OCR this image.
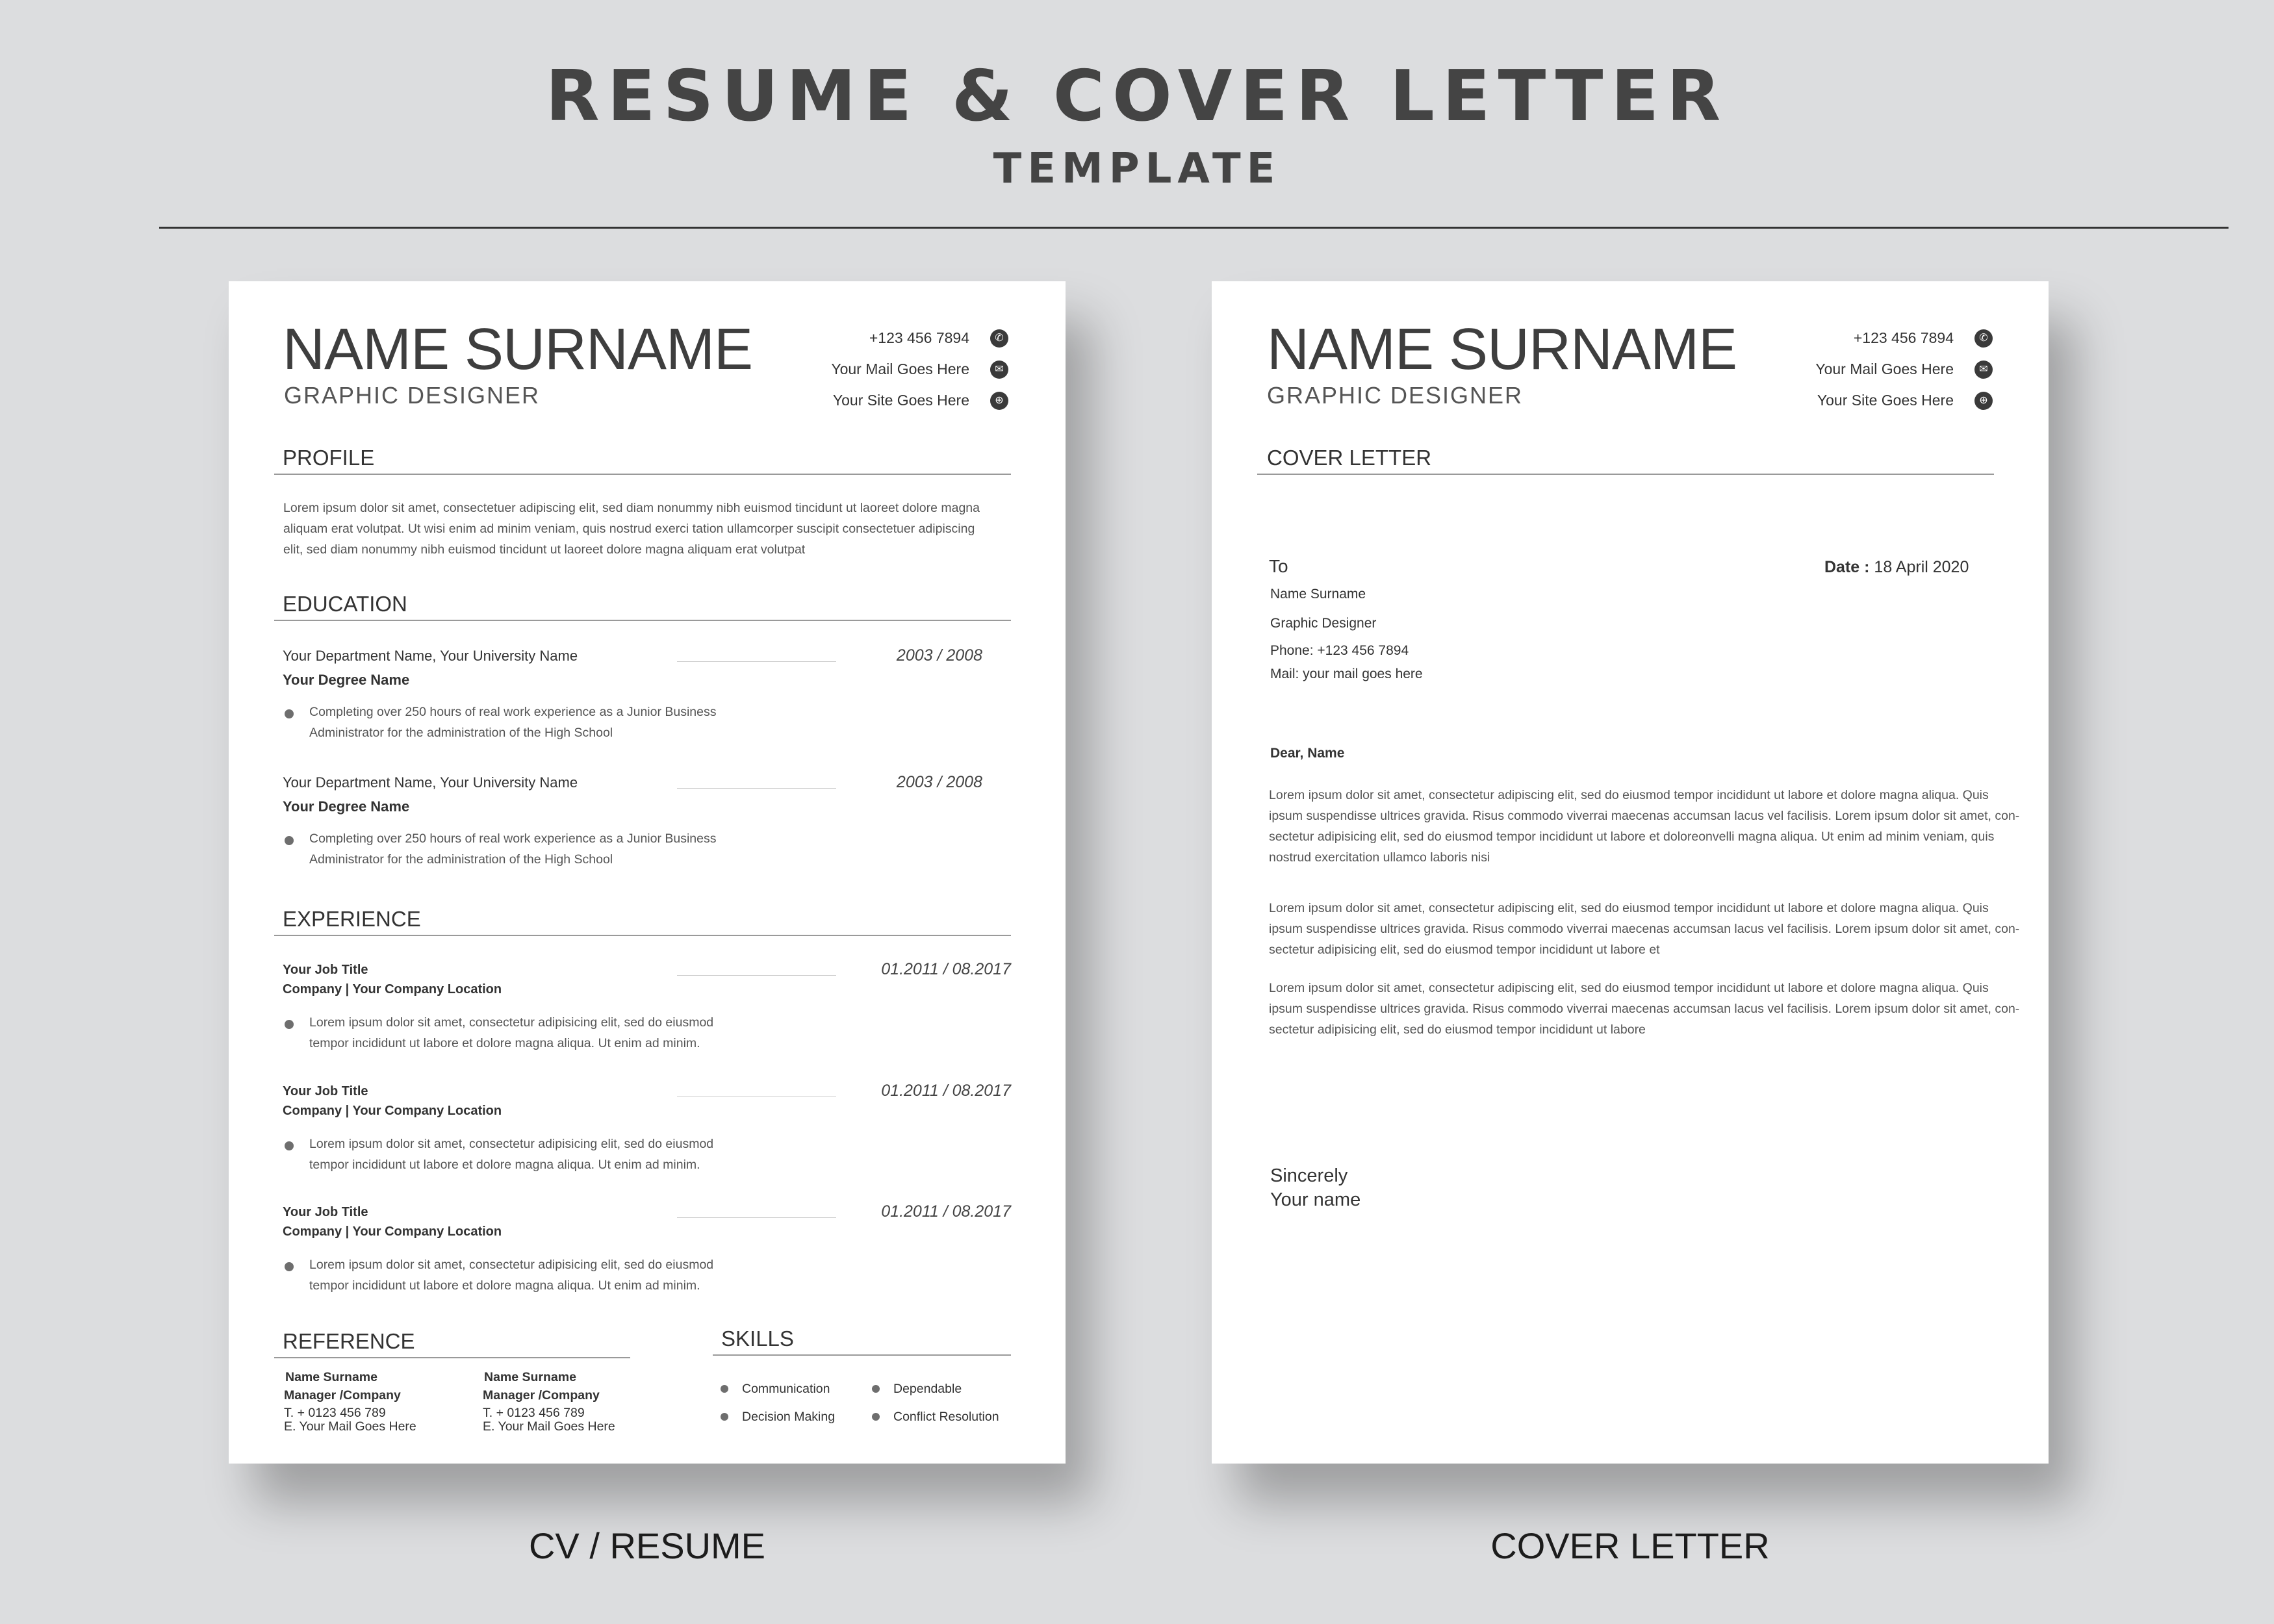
RESUME & COVER LETTER
TEMPLATE
NAME SURNAME
GRAPHIC DESIGNER
+123 456 7894	✆
Your Mail Goes Here	✉
Your Site Goes Here	⊕
PROFILE
Lorem ipsum dolor sit amet, consectetuer adipiscing elit, sed diam nonummy nibh euismod tincidunt ut laoreet dolore magna
aliquam erat volutpat. Ut wisi enim ad minim veniam, quis nostrud exerci tation ullamcorper suscipit consectetuer adipiscing
elit, sed diam nonummy nibh euismod tincidunt ut laoreet dolore magna aliquam erat volutpat
EDUCATION
Your Department Name, Your University Name	2003 / 2008
Your Degree Name
Completing over 250 hours of real work experience as a Junior Business
Administrator for the administration of the High School
Your Department Name, Your University Name	2003 / 2008
Your Degree Name
Completing over 250 hours of real work experience as a Junior Business
Administrator for the administration of the High School
EXPERIENCE
Your Job Title	01.2011 / 08.2017
Company | Your Company Location
Lorem ipsum dolor sit amet, consectetur adipisicing elit, sed do eiusmod
tempor incididunt ut labore et dolore magna aliqua. Ut enim ad minim.
Your Job Title	01.2011 / 08.2017
Company | Your Company Location
Lorem ipsum dolor sit amet, consectetur adipisicing elit, sed do eiusmod
tempor incididunt ut labore et dolore magna aliqua. Ut enim ad minim.
Your Job Title	01.2011 / 08.2017
Company | Your Company Location
Lorem ipsum dolor sit amet, consectetur adipisicing elit, sed do eiusmod
tempor incididunt ut labore et dolore magna aliqua. Ut enim ad minim.
REFERENCE
Name Surname
Manager /Company
T. + 0123 456 789
E. Your Mail Goes Here
Name Surname
Manager /Company
T. + 0123 456 789
E. Your Mail Goes Here
SKILLS
Communication	Dependable
Decision Making	Conflict Resolution
NAME SURNAME
GRAPHIC DESIGNER
+123 456 7894	✆
Your Mail Goes Here	✉
Your Site Goes Here	⊕
COVER LETTER
To	Date : 18 April 2020
Name Surname
Graphic Designer
Phone: +123 456 7894
Mail: your mail goes here
Dear, Name
Lorem ipsum dolor sit amet, consectetur adipiscing elit, sed do eiusmod tempor incididunt ut labore et dolore magna aliqua. Quis
ipsum suspendisse ultrices gravida. Risus commodo viverrai maecenas accumsan lacus vel facilisis. Lorem ipsum dolor sit amet, con-
sectetur adipisicing elit, sed do eiusmod tempor incididunt ut labore et doloreonvelli magna aliqua. Ut enim ad minim veniam, quis
nostrud exercitation ullamco laboris nisi
Lorem ipsum dolor sit amet, consectetur adipiscing elit, sed do eiusmod tempor incididunt ut labore et dolore magna aliqua. Quis
ipsum suspendisse ultrices gravida. Risus commodo viverrai maecenas accumsan lacus vel facilisis. Lorem ipsum dolor sit amet, con-
sectetur adipisicing elit, sed do eiusmod tempor incididunt ut labore et
Lorem ipsum dolor sit amet, consectetur adipiscing elit, sed do eiusmod tempor incididunt ut labore et dolore magna aliqua. Quis
ipsum suspendisse ultrices gravida. Risus commodo viverrai maecenas accumsan lacus vel facilisis. Lorem ipsum dolor sit amet, con-
sectetur adipisicing elit, sed do eiusmod tempor incididunt ut labore
Sincerely
Your name
CV / RESUME	COVER LETTER
